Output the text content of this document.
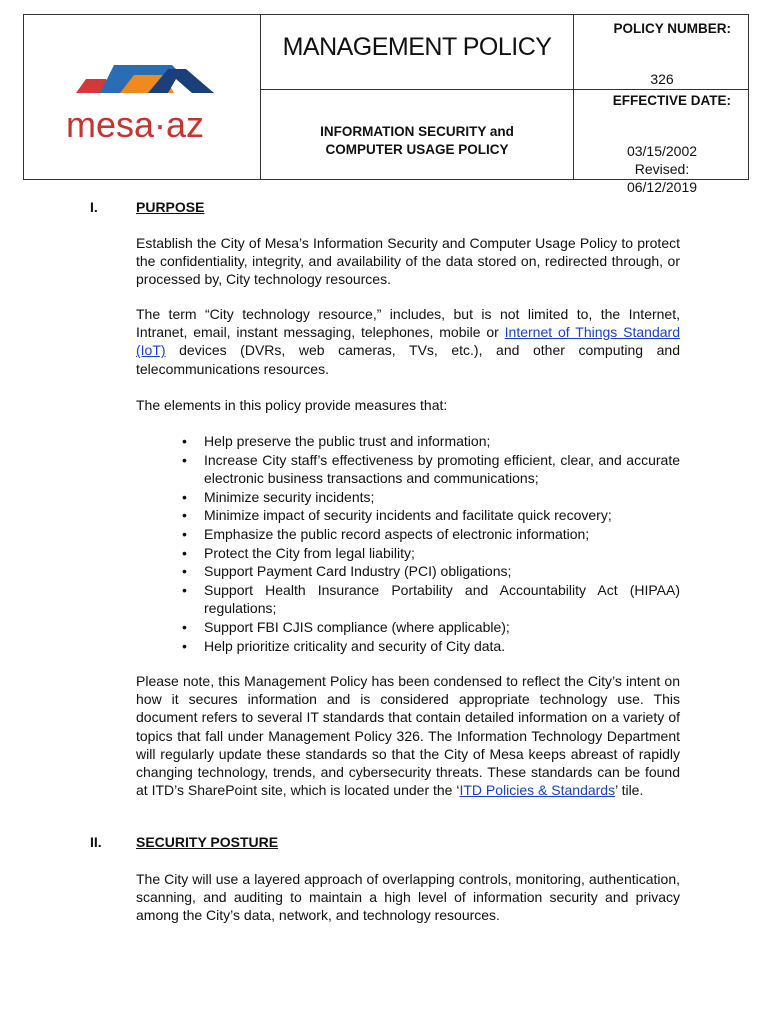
mesa·az
MANAGEMENT POLICY
INFORMATION SECURITY and
COMPUTER USAGE POLICY
POLICY NUMBER:
326
EFFECTIVE DATE:
03/15/2002
Revised:
06/12/2019
I.	PURPOSE

Establish the City of Mesa’s Information Security and Computer Usage Policy to protect the confidentiality, integrity, and availability of the data stored on, redirected through, or processed by, City technology resources.

The term “City technology resource,” includes, but is not limited to, the Internet, Intranet, email, instant messaging, telephones, mobile or Internet of Things Standard (IoT) devices (DVRs, web cameras, TVs, etc.), and other computing and telecommunications resources.

The elements in this policy provide measures that:

• Help preserve the public trust and information;
• Increase City staff’s effectiveness by promoting efficient, clear, and accurate electronic business transactions and communications;
• Minimize security incidents;
• Minimize impact of security incidents and facilitate quick recovery;
• Emphasize the public record aspects of electronic information;
• Protect the City from legal liability;
• Support Payment Card Industry (PCI) obligations;
• Support Health Insurance Portability and Accountability Act (HIPAA) regulations;
• Support FBI CJIS compliance (where applicable);
• Help prioritize criticality and security of City data.

Please note, this Management Policy has been condensed to reflect the City’s intent on how it secures information and is considered appropriate technology use. This document refers to several IT standards that contain detailed information on a variety of topics that fall under Management Policy 326. The Information Technology Department will regularly update these standards so that the City of Mesa keeps abreast of rapidly changing technology, trends, and cybersecurity threats. These standards can be found at ITD’s SharePoint site, which is located under the ‘ITD Policies & Standards’ tile.

II. SECURITY POSTURE

The City will use a layered approach of overlapping controls, monitoring, authentication, scanning, and auditing to maintain a high level of information security and privacy among the City’s data, network, and technology resources.
